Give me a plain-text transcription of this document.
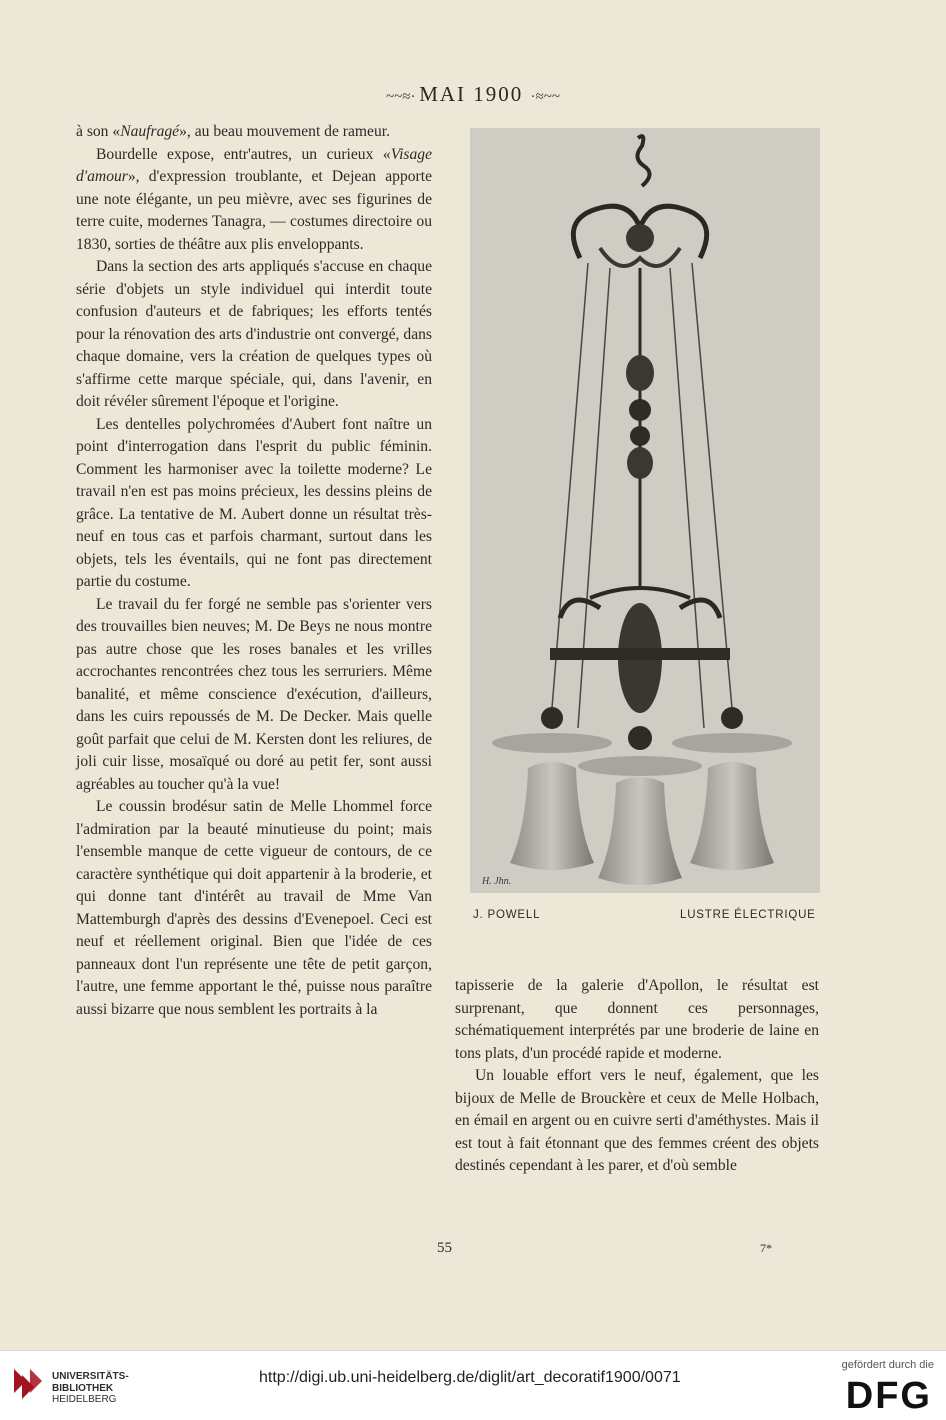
~~≈· MAI 1900 ·≈~~

à son «Naufragé», au beau mouvement de rameur.

Bourdelle expose, entr'autres, un curieux «Visage d'amour», d'expression troublante, et Dejean apporte une note élégante, un peu mièvre, avec ses figurines de terre cuite, modernes Tanagra, — costumes directoire ou 1830, sorties de théâtre aux plis enveloppants.

Dans la section des arts appliqués s'accuse en chaque série d'objets un style individuel qui interdit toute confusion d'auteurs et de fabriques; les efforts tentés pour la rénovation des arts d'industrie ont convergé, dans chaque domaine, vers la création de quelques types où s'affirme cette marque spéciale, qui, dans l'avenir, en doit révéler sûrement l'époque et l'origine.

Les dentelles polychromées d'Aubert font naître un point d'interrogation dans l'esprit du public féminin. Comment les harmoniser avec la toilette moderne? Le travail n'en est pas moins précieux, les dessins pleins de grâce. La tentative de M. Aubert donne un résultat très-neuf en tous cas et parfois charmant, surtout dans les objets, tels les éventails, qui ne font pas directement partie du costume.

Le travail du fer forgé ne semble pas s'orienter vers des trouvailles bien neuves; M. De Beys ne nous montre pas autre chose que les roses banales et les vrilles accrochantes rencontrées chez tous les serruriers. Même banalité, et même conscience d'exécution, d'ailleurs, dans les cuirs repoussés de M. De Decker. Mais quelle goût parfait que celui de M. Kersten dont les reliures, de joli cuir lisse, mosaïqué ou doré au petit fer, sont aussi agréables au toucher qu'à la vue!

Le coussin brodésur satin de Melle Lhommel force l'admiration par la beauté minutieuse du point; mais l'ensemble manque de cette vigueur de contours, de ce caractère synthétique qui doit appartenir à la broderie, et qui donne tant d'intérêt au travail de Mme Van Mattemburgh d'après des dessins d'Evenepoel. Ceci est neuf et réellement original. Bien que l'idée de ces panneaux dont l'un représente une tête de petit garçon, l'autre, une femme apportant le thé, puisse nous paraître aussi bizarre que nous semblent les portraits à la

H. Jhn.
J. POWELL	LUSTRE ÉLECTRIQUE

tapisserie de la galerie d'Apollon, le résultat est surprenant, que donnent ces personnages, schématiquement interprétés par une broderie de laine en tons plats, d'un procédé rapide et moderne.

Un louable effort vers le neuf, également, que les bijoux de Melle de Brouckère et ceux de Melle Holbach, en émail en argent ou en cuivre serti d'améthystes. Mais il est tout à fait étonnant que des femmes créent des objets destinés cependant à les parer, et d'où semble

55	7*
UNIVERSITÄTS-
BIBLIOTHEK
HEIDELBERG
http://digi.ub.uni-heidelberg.de/diglit/art_decoratif1900/0071
gefördert durch die
DFG
